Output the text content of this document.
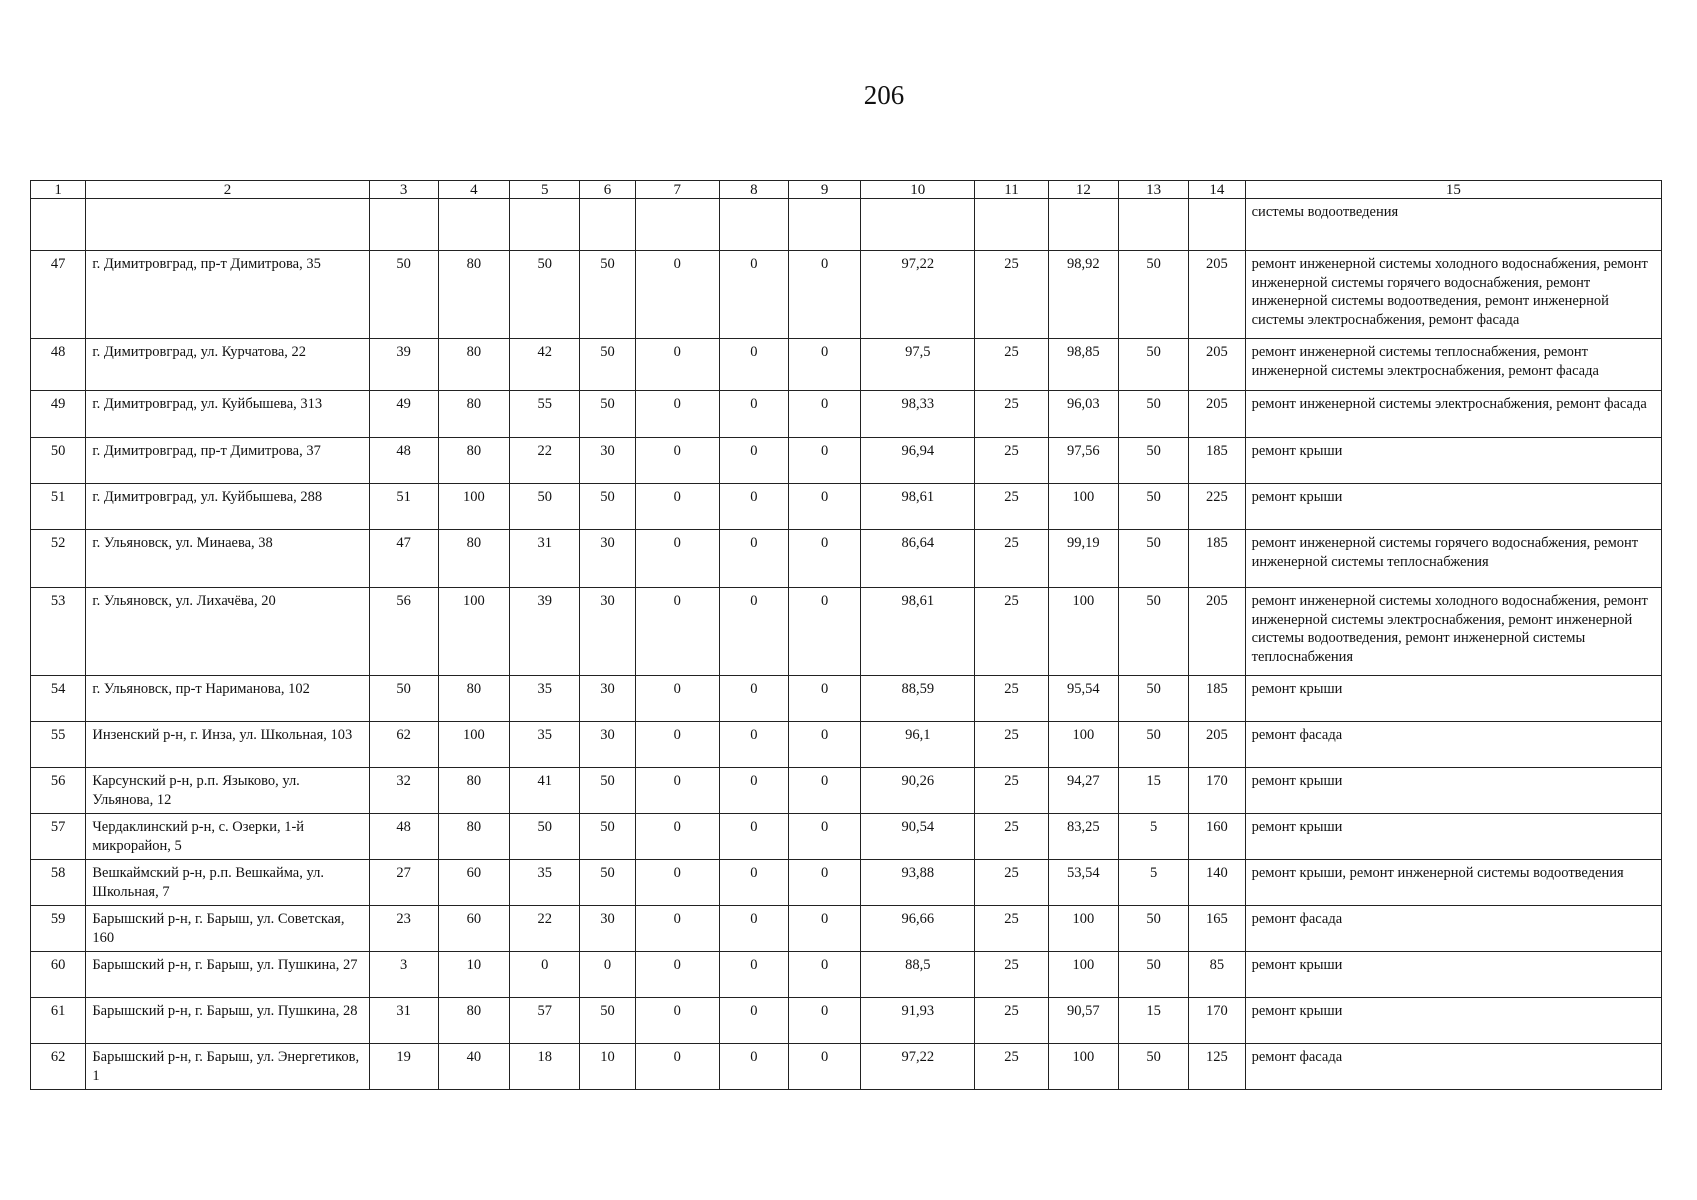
206
1	2	3	4	5	6	7	8	9	10	11	12	13	14	15
														системы водоотведения
47	г. Димитровград, пр-т Димитрова, 35	50	80	50	50	0	0	0	97,22	25	98,92	50	205	ремонт инженерной системы холодного водоснабжения, ремонт инженерной системы горячего водоснабжения, ремонт инженерной системы водоотведения, ремонт инженерной системы электроснабжения, ремонт фасада
48	г. Димитровград, ул. Курчатова, 22	39	80	42	50	0	0	0	97,5	25	98,85	50	205	ремонт инженерной системы теплоснабжения, ремонт инженерной системы электроснабжения, ремонт фасада
49	г. Димитровград, ул. Куйбышева, 313	49	80	55	50	0	0	0	98,33	25	96,03	50	205	ремонт инженерной системы электроснабжения, ремонт фасада
50	г. Димитровград, пр-т Димитрова, 37	48	80	22	30	0	0	0	96,94	25	97,56	50	185	ремонт крыши
51	г. Димитровград, ул. Куйбышева, 288	51	100	50	50	0	0	0	98,61	25	100	50	225	ремонт крыши
52	г. Ульяновск, ул. Минаева, 38	47	80	31	30	0	0	0	86,64	25	99,19	50	185	ремонт инженерной системы горячего водоснабжения, ремонт инженерной системы теплоснабжения
53	г. Ульяновск, ул. Лихачёва, 20	56	100	39	30	0	0	0	98,61	25	100	50	205	ремонт инженерной системы холодного водоснабжения, ремонт инженерной системы электроснабжения, ремонт инженерной системы водоотведения, ремонт инженерной системы теплоснабжения
54	г. Ульяновск, пр-т Нариманова, 102	50	80	35	30	0	0	0	88,59	25	95,54	50	185	ремонт крыши
55	Инзенский р-н, г. Инза, ул. Школьная, 103	62	100	35	30	0	0	0	96,1	25	100	50	205	ремонт фасада
56	Карсунский р-н, р.п. Языково, ул. Ульянова, 12	32	80	41	50	0	0	0	90,26	25	94,27	15	170	ремонт крыши
57	Чердаклинский р-н, с. Озерки, 1-й микрорайон, 5	48	80	50	50	0	0	0	90,54	25	83,25	5	160	ремонт крыши
58	Вешкаймский р-н, р.п. Вешкайма, ул. Школьная, 7	27	60	35	50	0	0	0	93,88	25	53,54	5	140	ремонт крыши, ремонт инженерной системы водоотведения
59	Барышский р-н, г. Барыш, ул. Советская, 160	23	60	22	30	0	0	0	96,66	25	100	50	165	ремонт фасада
60	Барышский р-н, г. Барыш, ул. Пушкина, 27	3	10	0	0	0	0	0	88,5	25	100	50	85	ремонт крыши
61	Барышский р-н, г. Барыш, ул. Пушкина, 28	31	80	57	50	0	0	0	91,93	25	90,57	15	170	ремонт крыши
62	Барышский р-н, г. Барыш, ул. Энергетиков, 1	19	40	18	10	0	0	0	97,22	25	100	50	125	ремонт фасада
